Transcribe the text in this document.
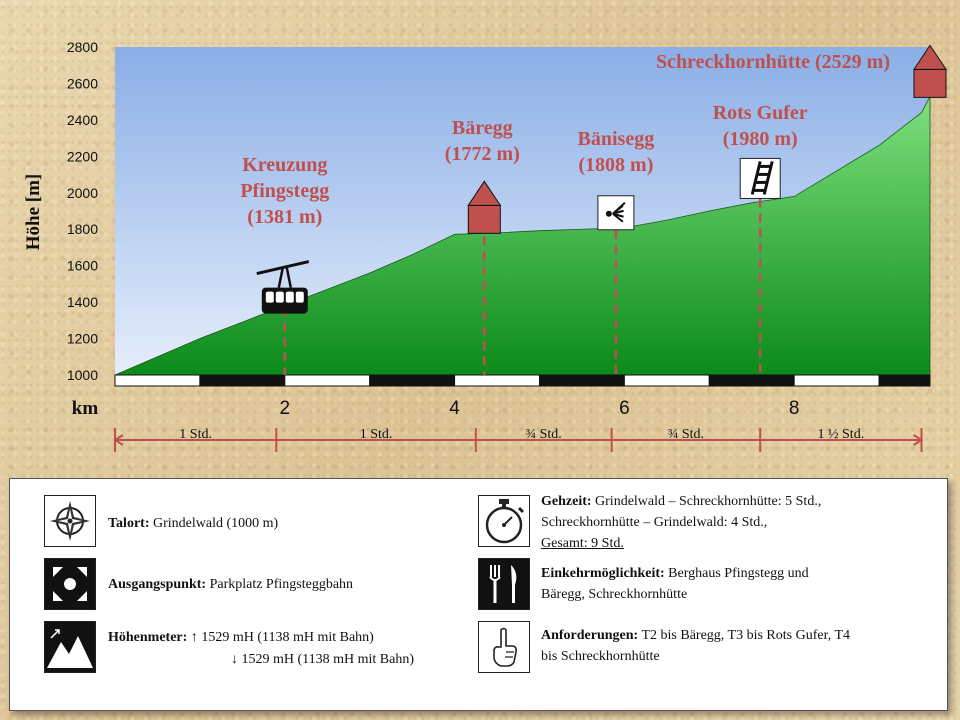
1000
1200
1400
1600
1800
2000
2200
2400
2600
2800
2	4	6	8
Kreuzung
Pfingstegg
(1381 m)
Bäregg
(1772 m)
Bänisegg
(1808 m)
Rots Gufer
(1980 m)
Schreckhornhütte (2529 m)
1 Std.	1 Std.	¾ Std.	¾ Std.	1 ½ Std.
Höhe [m]
km
Talort: Grindelwald (1000 m)
Ausgangspunkt: Parkplatz Pfingsteggbahn
Höhenmeter: ↑ 1529 mH (1138 mH mit Bahn)
↓ 1529 mH (1138 mH mit Bahn)
Gehzeit: Grindelwald – Schreckhornhütte: 5 Std.,
Schreckhornhütte – Grindelwald: 4 Std.,
Gesamt: 9 Std.
Einkehrmöglichkeit: Berghaus Pfingstegg und
Bäregg, Schreckhornhütte
Anforderungen: T2 bis Bäregg, T3 bis Rots Gufer, T4
bis Schreckhornhütte
